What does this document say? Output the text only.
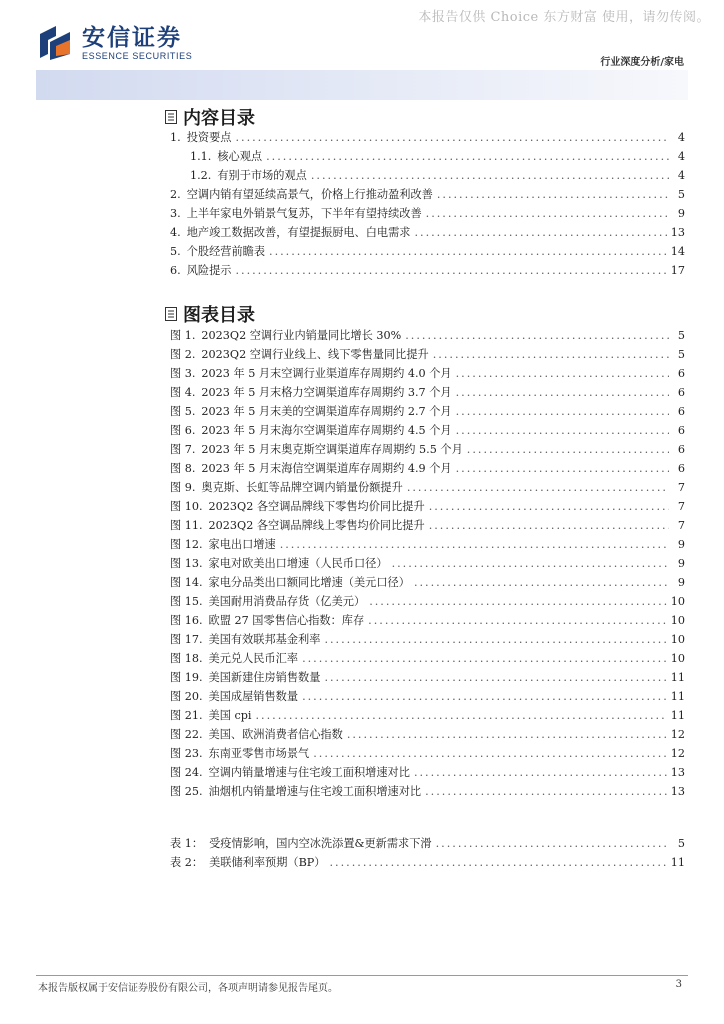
本报告仅供 Choice 东方财富 使用，请勿传阅。
安信证券
ESSENCE SECURITIES
行业深度分析/家电
内容目录
1. 投资要点 .....	4
1.1. 核心观点 .....	4
1.2. 有别于市场的观点 .....	4
2. 空调内销有望延续高景气，价格上行推动盈利改善 .....	5
3. 上半年家电外销景气复苏，下半年有望持续改善 .....	9
4. 地产竣工数据改善，有望提振厨电、白电需求 .....	13
5. 个股经营前瞻表 .....	14
6. 风险提示 .....	17
图表目录
图 1. 2023Q2 空调行业内销量同比增长 30% .....	5
图 2. 2023Q2 空调行业线上、线下零售量同比提升 .....	5
图 3. 2023 年 5 月末空调行业渠道库存周期约 4.0 个月 .....	6
图 4. 2023 年 5 月末格力空调渠道库存周期约 3.7 个月 .....	6
图 5. 2023 年 5 月末美的空调渠道库存周期约 2.7 个月 .....	6
图 6. 2023 年 5 月末海尔空调渠道库存周期约 4.5 个月 .....	6
图 7. 2023 年 5 月末奥克斯空调渠道库存周期约 5.5 个月 .....	6
图 8. 2023 年 5 月末海信空调渠道库存周期约 4.9 个月 .....	6
图 9. 奥克斯、长虹等品牌空调内销量份额提升 .....	7
图 10. 2023Q2 各空调品牌线下零售均价同比提升 .....	7
图 11. 2023Q2 各空调品牌线上零售均价同比提升 .....	7
图 12. 家电出口增速 .....	9
图 13. 家电对欧美出口增速（人民币口径） .....	9
图 14. 家电分品类出口额同比增速（美元口径） .....	9
图 15. 美国耐用消费品存货（亿美元） .....	10
图 16. 欧盟 27 国零售信心指数：库存 .....	10
图 17. 美国有效联邦基金利率 .....	10
图 18. 美元兑人民币汇率 .....	10
图 19. 美国新建住房销售数量 .....	11
图 20. 美国成屋销售数量 .....	11
图 21. 美国 cpi .....	11
图 22. 美国、欧洲消费者信心指数 .....	12
图 23. 东南亚零售市场景气 .....	12
图 24. 空调内销量增速与住宅竣工面积增速对比 .....	13
图 25. 油烟机内销量增速与住宅竣工面积增速对比 .....	13
表 1： 受疫情影响，国内空冰洗添置&更新需求下滑 .....	5
表 2： 美联储利率预期（BP） .....	11
本报告版权属于安信证券股份有限公司，各项声明请参见报告尾页。	3
